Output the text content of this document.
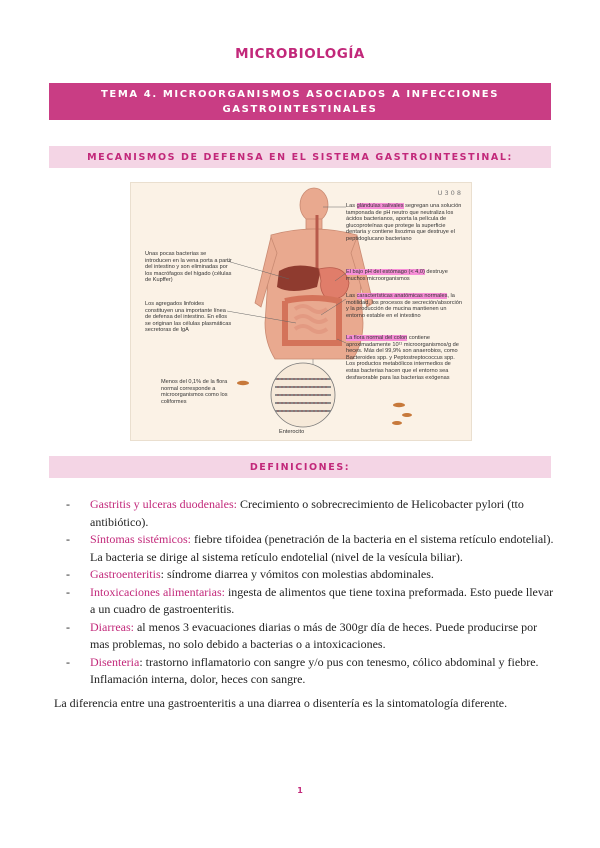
MICROBIOLOGÍA
TEMA 4. MICROORGANISMOS ASOCIADOS A INFECCIONES
GASTROINTESTINALES
MECANISMOS DE DEFENSA EN EL SISTEMA GASTROINTESTINAL:
U 3 0 8
Unas pocas bacterias se introducen en la vena porta a partir del intestino y son eliminadas por los macrófagos del hígado (células de Kupffer)
Los agregados linfoides constituyen una importante línea de defensa del intestino. En ellos se originan las células plasmáticas secretoras de IgA
Menos del 0,1% de la flora normal corresponde a microorganismos como los coliformes
Enterocito
Las glándulas salivales segregan una solución tamponada de pH neutro que neutraliza los ácidos bacterianos, aporta la película de glucoproteínas que protege la superficie dentaria y contiene lisozima que destruye el peptidoglucano bacteriano
El bajo pH del estómago (< 4,0) destruye muchos microorganismos
Las características anatómicas normales, la motilidad, los procesos de secreción/absorción y la producción de mucina mantienen un entorno estable en el intestino
La flora normal del colon contiene aproximadamente 10¹¹ microorganismos/g de heces. Más del 99,9% son anaerobios, como Bacteroides spp. y Peptostreptococcus spp. Los productos metabólicos intermedios de estas bacterias hacen que el entorno sea desfavorable para las bacterias exógenas
DEFINICIONES:
- Gastritis y ulceras duodenales: Crecimiento o sobrecrecimiento de Helicobacter pylori (tto antibiótico).
- Síntomas sistémicos: fiebre tifoidea (penetración de la bacteria en el sistema retículo endotelial). La bacteria se dirige al sistema retículo endotelial (nivel de la vesícula biliar).
- Gastroenteritis: síndrome diarrea y vómitos con molestias abdominales.
- Intoxicaciones alimentarias: ingesta de alimentos que tiene toxina preformada. Esto puede llevar a un cuadro de gastroenteritis.
- Diarreas: al menos 3 evacuaciones diarias o más de 300gr día de heces. Puede producirse por mas problemas, no solo debido a bacterias o a intoxicaciones.
- Disenteria: trastorno inflamatorio con sangre y/o pus con tenesmo, cólico abdominal y fiebre. Inflamación interna, dolor, heces con sangre.
La diferencia entre una gastroenteritis a una diarrea o disentería es la sintomatología diferente.
1
